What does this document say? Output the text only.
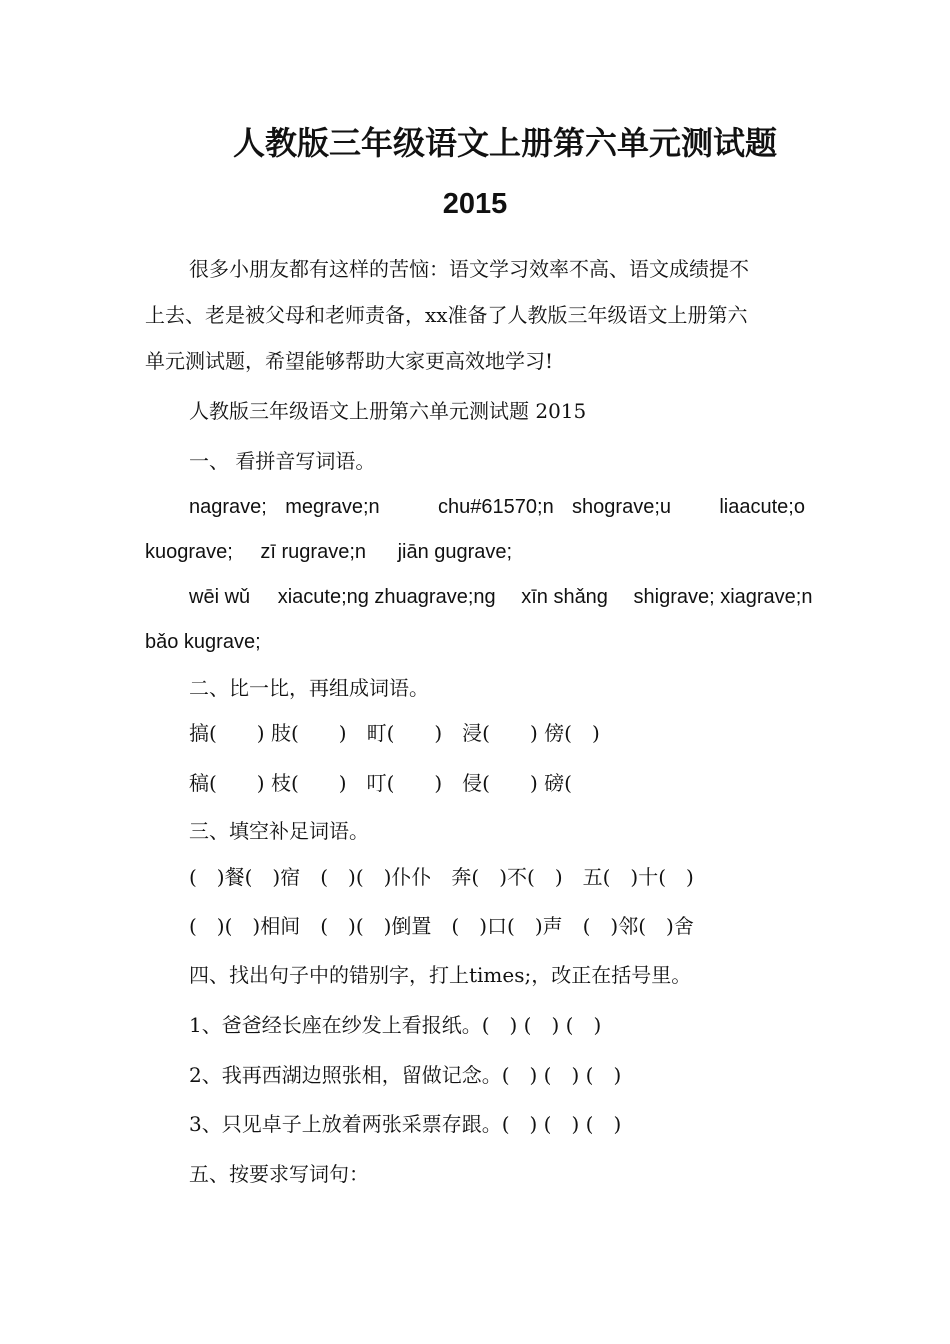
人教版三年级语文上册第六单元测试题
2015
很多小朋友都有这样的苦恼：语文学习效率不高、语文成绩提不
上去、老是被父母和老师责备，xx准备了人教版三年级语文上册第六
单元测试题，希望能够帮助大家更高效地学习!
人教版三年级语文上册第六单元测试题 2015
一、 看拼音写词语。
nagrave; megrave;n	chu#61570;n shograve;u liaacute;o
kuograve; zī rugrave;n jiān gugrave;
wēi wǔ xiacute;ng zhuagrave;ng xīn shǎng shigrave; xiagrave;n
bǎo kugrave;
二、比一比，再组成词语。
搞(　　) 肢(　　)　町(　　)　浸(　　) 傍(　)
稿(　　) 枝(　　)　叮(　　)　侵(　　) 磅(
三、填空补足词语。
(　)餐(　)宿　(　)(　)仆仆　奔(　)不(　)　五(　)十(　)
(　)(　)相间　(　)(　)倒置　(　)口(　)声　(　)邻(　)舍
四、找出句子中的错别字，打上times;，改正在括号里。
1、爸爸经长座在纱发上看报纸。(　) (　) (　)
2、我再西湖边照张相，留做记念。(　) (　) (　)
3、只见卓子上放着两张采票存跟。(　) (　) (　)
五、按要求写词句：
